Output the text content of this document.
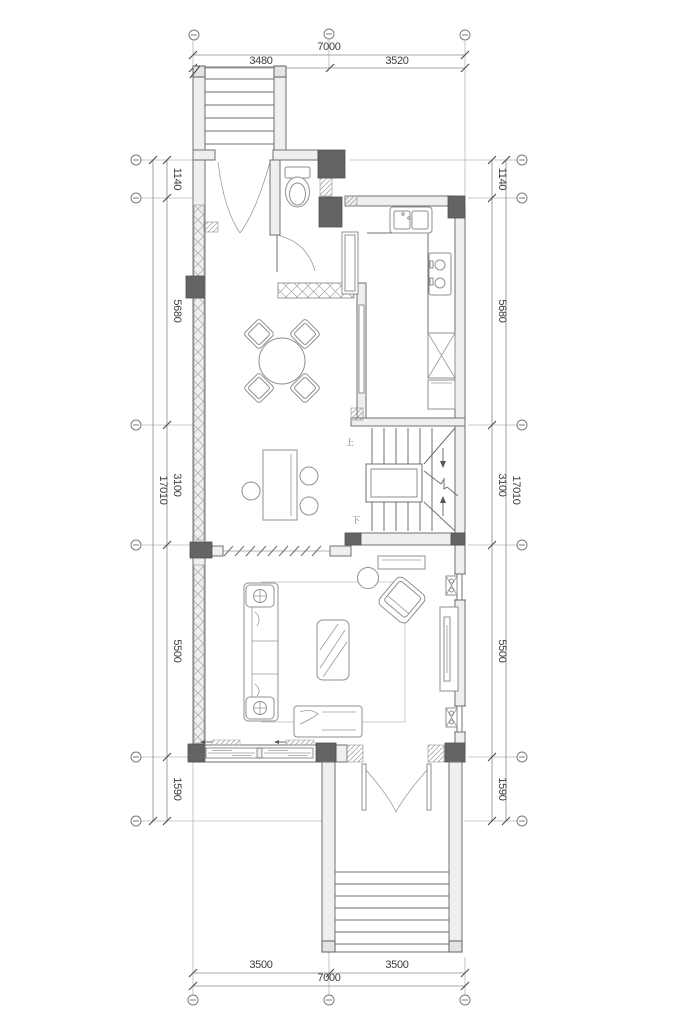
3480	3520
7000
3500	3500
7000
1140
5680
3100
5500
1590
17010
1140
5680
3100
5500
1590
17010
上
下
